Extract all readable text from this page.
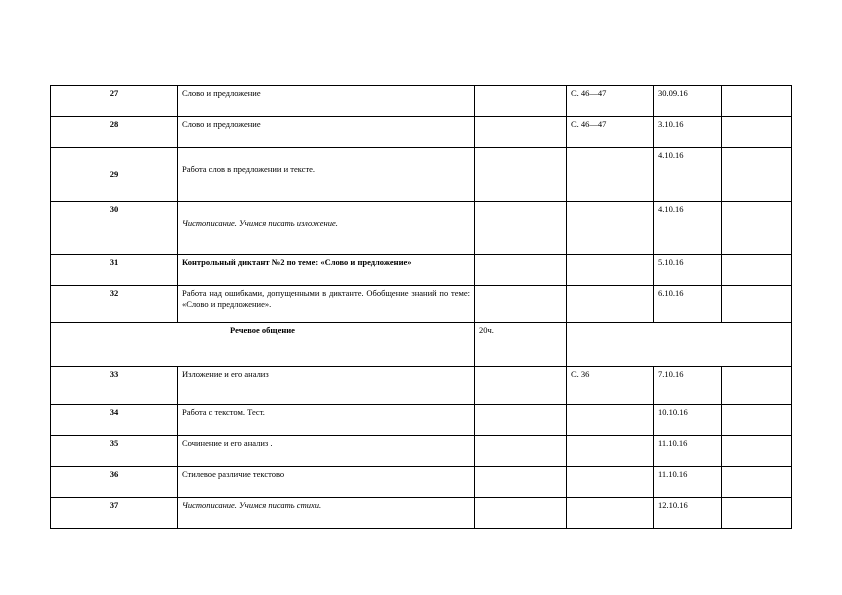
27	Слово и предложение		С. 46—47	30.09.16	
28	Слово и предложение		С. 46—47	3.10.16	
29	Работа слов в предложении и тексте.			4.10.16	
30	Чистописание. Учимся писать изложение.			4.10.16	
31	Контрольный диктант №2 по теме: «Слово и предложение»			5.10.16	
32	Работа над ошибками, допущенными в диктанте. Обобщение знаний по теме: «Слово и предложение».			6.10.16	
Речевое общение		20ч.			
33	Изложение и его анализ		С. 36	7.10.16	
34	Работа с текстом. Тест.			10.10.16	
35	Сочинение и его анализ .			11.10.16	
36	Стилевое различие текстово			11.10.16	
37	Чистописание. Учимся писать стихи.			12.10.16	
